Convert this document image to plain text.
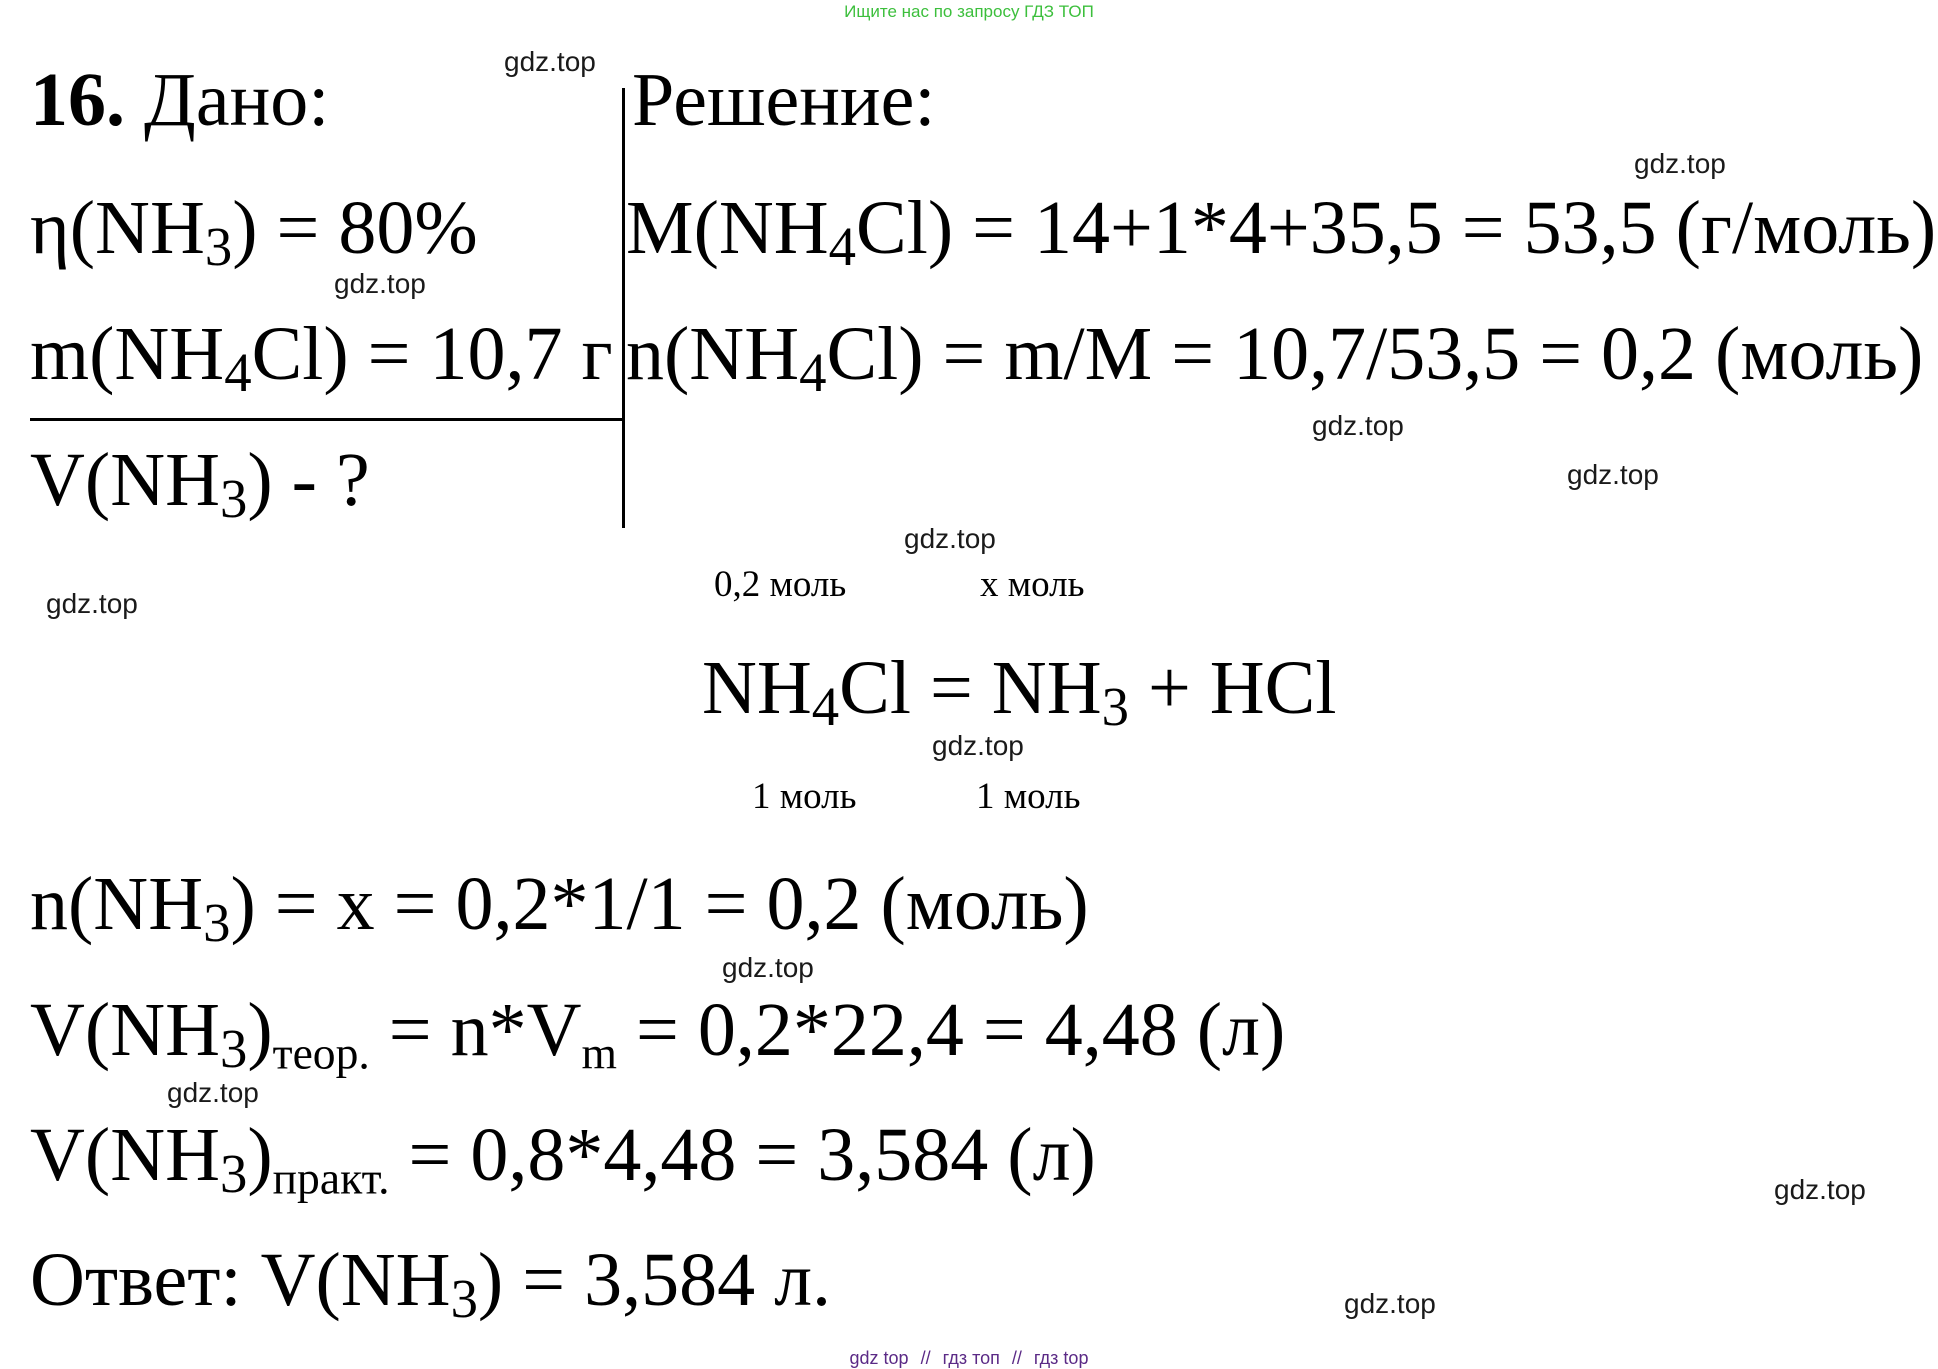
Ищите нас по запросу ГДЗ ТОП
gdz.top
gdz.top
gdz.top
gdz.top
gdz.top
gdz.top
gdz.top
gdz.top
gdz.top
gdz.top
gdz.top
gdz.top
16. Дано:
$\eta(NH_3) = 80\%$
$m(NH_4Cl) = 10,7$ г
$V(NH_3)$ - ?
Решение:
$M(NH_4Cl) = 14+1*4+35,5 = 53,5$ (г/моль)
$n(NH_4Cl) = m/M = 10,7/53,5 = 0,2$ (моль)
0,2 моль	x моль
$NH_4Cl = NH_3$ + HCl
1 моль	1 моль
$n(NH_3) = x = 0,2*1/1 = 0,2$ (моль)
$V(NH_3)теор$. = n*Vm = 0,2*22,4 = 4,48 (л)
$V(NH_3)практ$. = 0,8*4,48 = 3,584 (л)
Ответ: $V(NH_3) = 3,584$ л.
gdz top // гдз топ // гдз top
